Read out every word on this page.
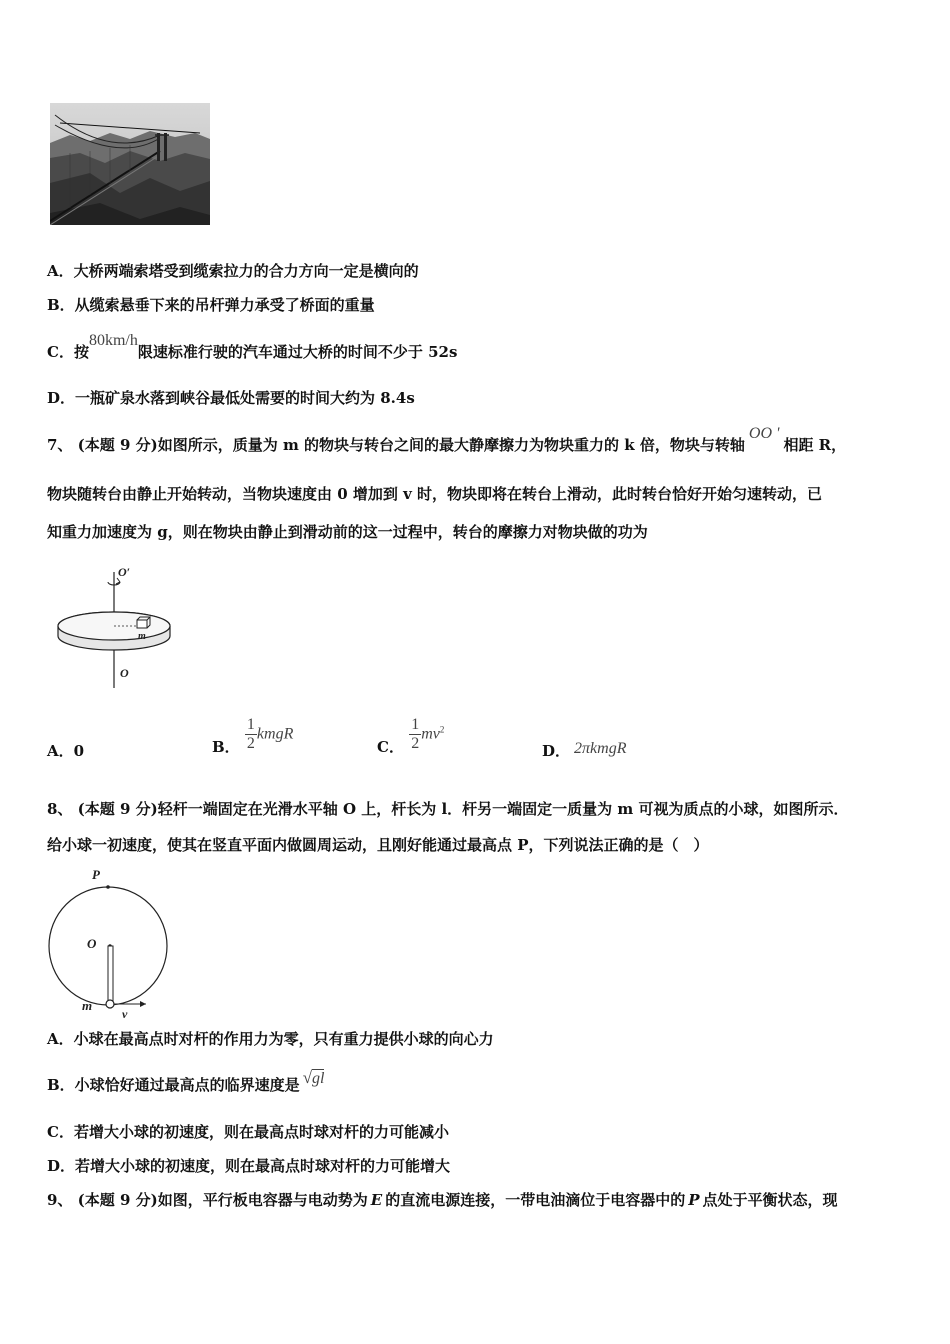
A．大桥两端索塔受到缆索拉力的合力方向一定是横向的
B．从缆索悬垂下来的吊杆弹力承受了桥面的重量
C．按80km/h限速标准行驶的汽车通过大桥的时间不少于 52s
D．一瓶矿泉水落到峡谷最低处需要的时间大约为 8.4s
7、 (本题 9 分)如图所示，质量为 m 的物块与转台之间的最大静摩擦力为物块重力的 k 倍，物块与转轴OO '相距 R，
物块随转台由静止开始转动，当物块速度由 0 增加到 v 时，物块即将在转台上滑动，此时转台恰好开始匀速转动，已
知重力加速度为 g，则在物块由静止到滑动前的这一过程中，转台的摩擦力对物块做的功为
O′
m
O
A．0	B． $\frac{1}{2}$ kmgR
C． $\frac{1}{2} mv^2$
D． 2πkmgR
8、 (本题 9 分)轻杆一端固定在光滑水平轴 O 上，杆长为 l．杆另一端固定一质量为 m 可视为质点的小球，如图所示．
给小球一初速度，使其在竖直平面内做圆周运动，且刚好能通过最高点 P，下列说法正确的是（　）
P
O
m
v
A．小球在最高点时对杆的作用力为零，只有重力提供小球的向心力
B．小球恰好通过最高点的临界速度是 √gl
C．若增大小球的初速度，则在最高点时球对杆的力可能减小
D．若增大小球的初速度，则在最高点时球对杆的力可能增大
9、 (本题 9 分)如图，平行板电容器与电动势为 E 的直流电源连接，一带电油滴位于电容器中的 P 点处于平衡状态，现
